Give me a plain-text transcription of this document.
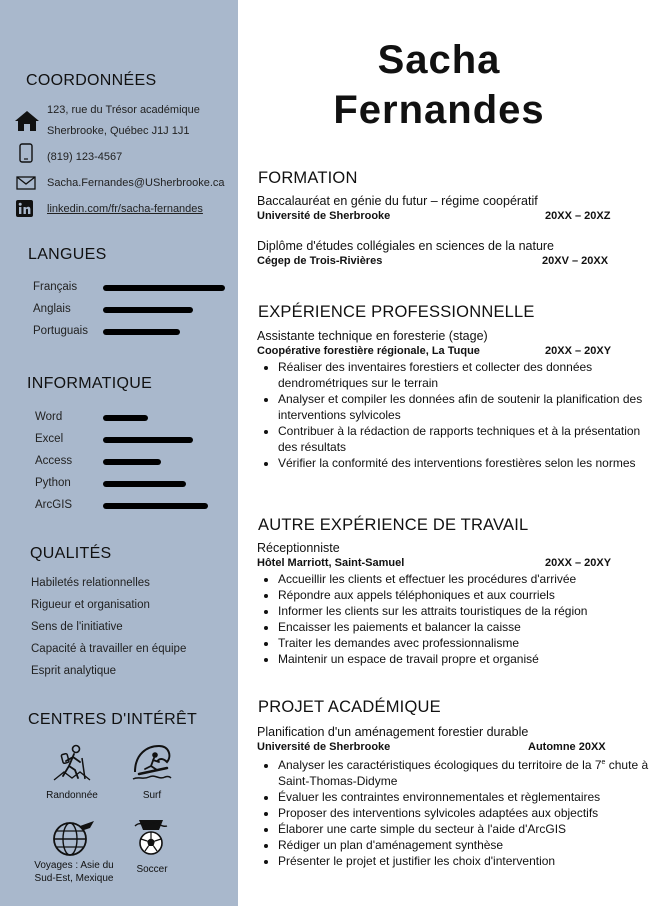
COORDONNÉES
123, rue du Trésor académique
Sherbrooke, Québec J1J 1J1
(819) 123-4567
Sacha.Fernandes@USherbrooke.ca
linkedin.com/fr/sacha-fernandes
LANGUES
Français
Anglais
Portuguais
INFORMATIQUE
Word
Excel
Access
Python
ArcGIS
QUALITÉS
Habiletés relationnelles
Rigueur et organisation
Sens de l'initiative
Capacité à travailler en équipe
Esprit analytique
CENTRES D'INTÉRÊT
Randonnée	Surf
Voyages : Asie du
Sud-Est, Mexique
Soccer
Sacha
Fernandes
FORMATION
Baccalauréat en génie du futur – régime coopératif
Université de Sherbrooke	20XX – 20XZ
Diplôme d'études collégiales en sciences de la nature
Cégep de Trois-Rivières	20XV – 20XX
EXPÉRIENCE PROFESSIONNELLE
Assistante technique en foresterie (stage)
Coopérative forestière régionale, La Tuque	20XX – 20XY
• Réaliser des inventaires forestiers et collecter des données dendrométriques sur le terrain
• Analyser et compiler les données afin de soutenir la planification des interventions sylvicoles
• Contribuer à la rédaction de rapports techniques et à la présentation des résultats
• Vérifier la conformité des interventions forestières selon les normes
AUTRE EXPÉRIENCE DE TRAVAIL
Réceptionniste
Hôtel Marriott, Saint-Samuel	20XX – 20XY
• Accueillir les clients et effectuer les procédures d'arrivée
• Répondre aux appels téléphoniques et aux courriels
• Informer les clients sur les attraits touristiques de la région
• Encaisser les paiements et balancer la caisse
• Traiter les demandes avec professionnalisme
• Maintenir un espace de travail propre et organisé
PROJET ACADÉMIQUE
Planification d'un aménagement forestier durable
Université de Sherbrooke	Automne 20XX
• Analyser les caractéristiques écologiques du territoire de la 7e chute à Saint-Thomas-Didyme
• Évaluer les contraintes environnementales et règlementaires
• Proposer des interventions sylvicoles adaptées aux objectifs
• Élaborer une carte simple du secteur à l'aide d'ArcGIS
• Rédiger un plan d'aménagement synthèse
• Présenter le projet et justifier les choix d'intervention
